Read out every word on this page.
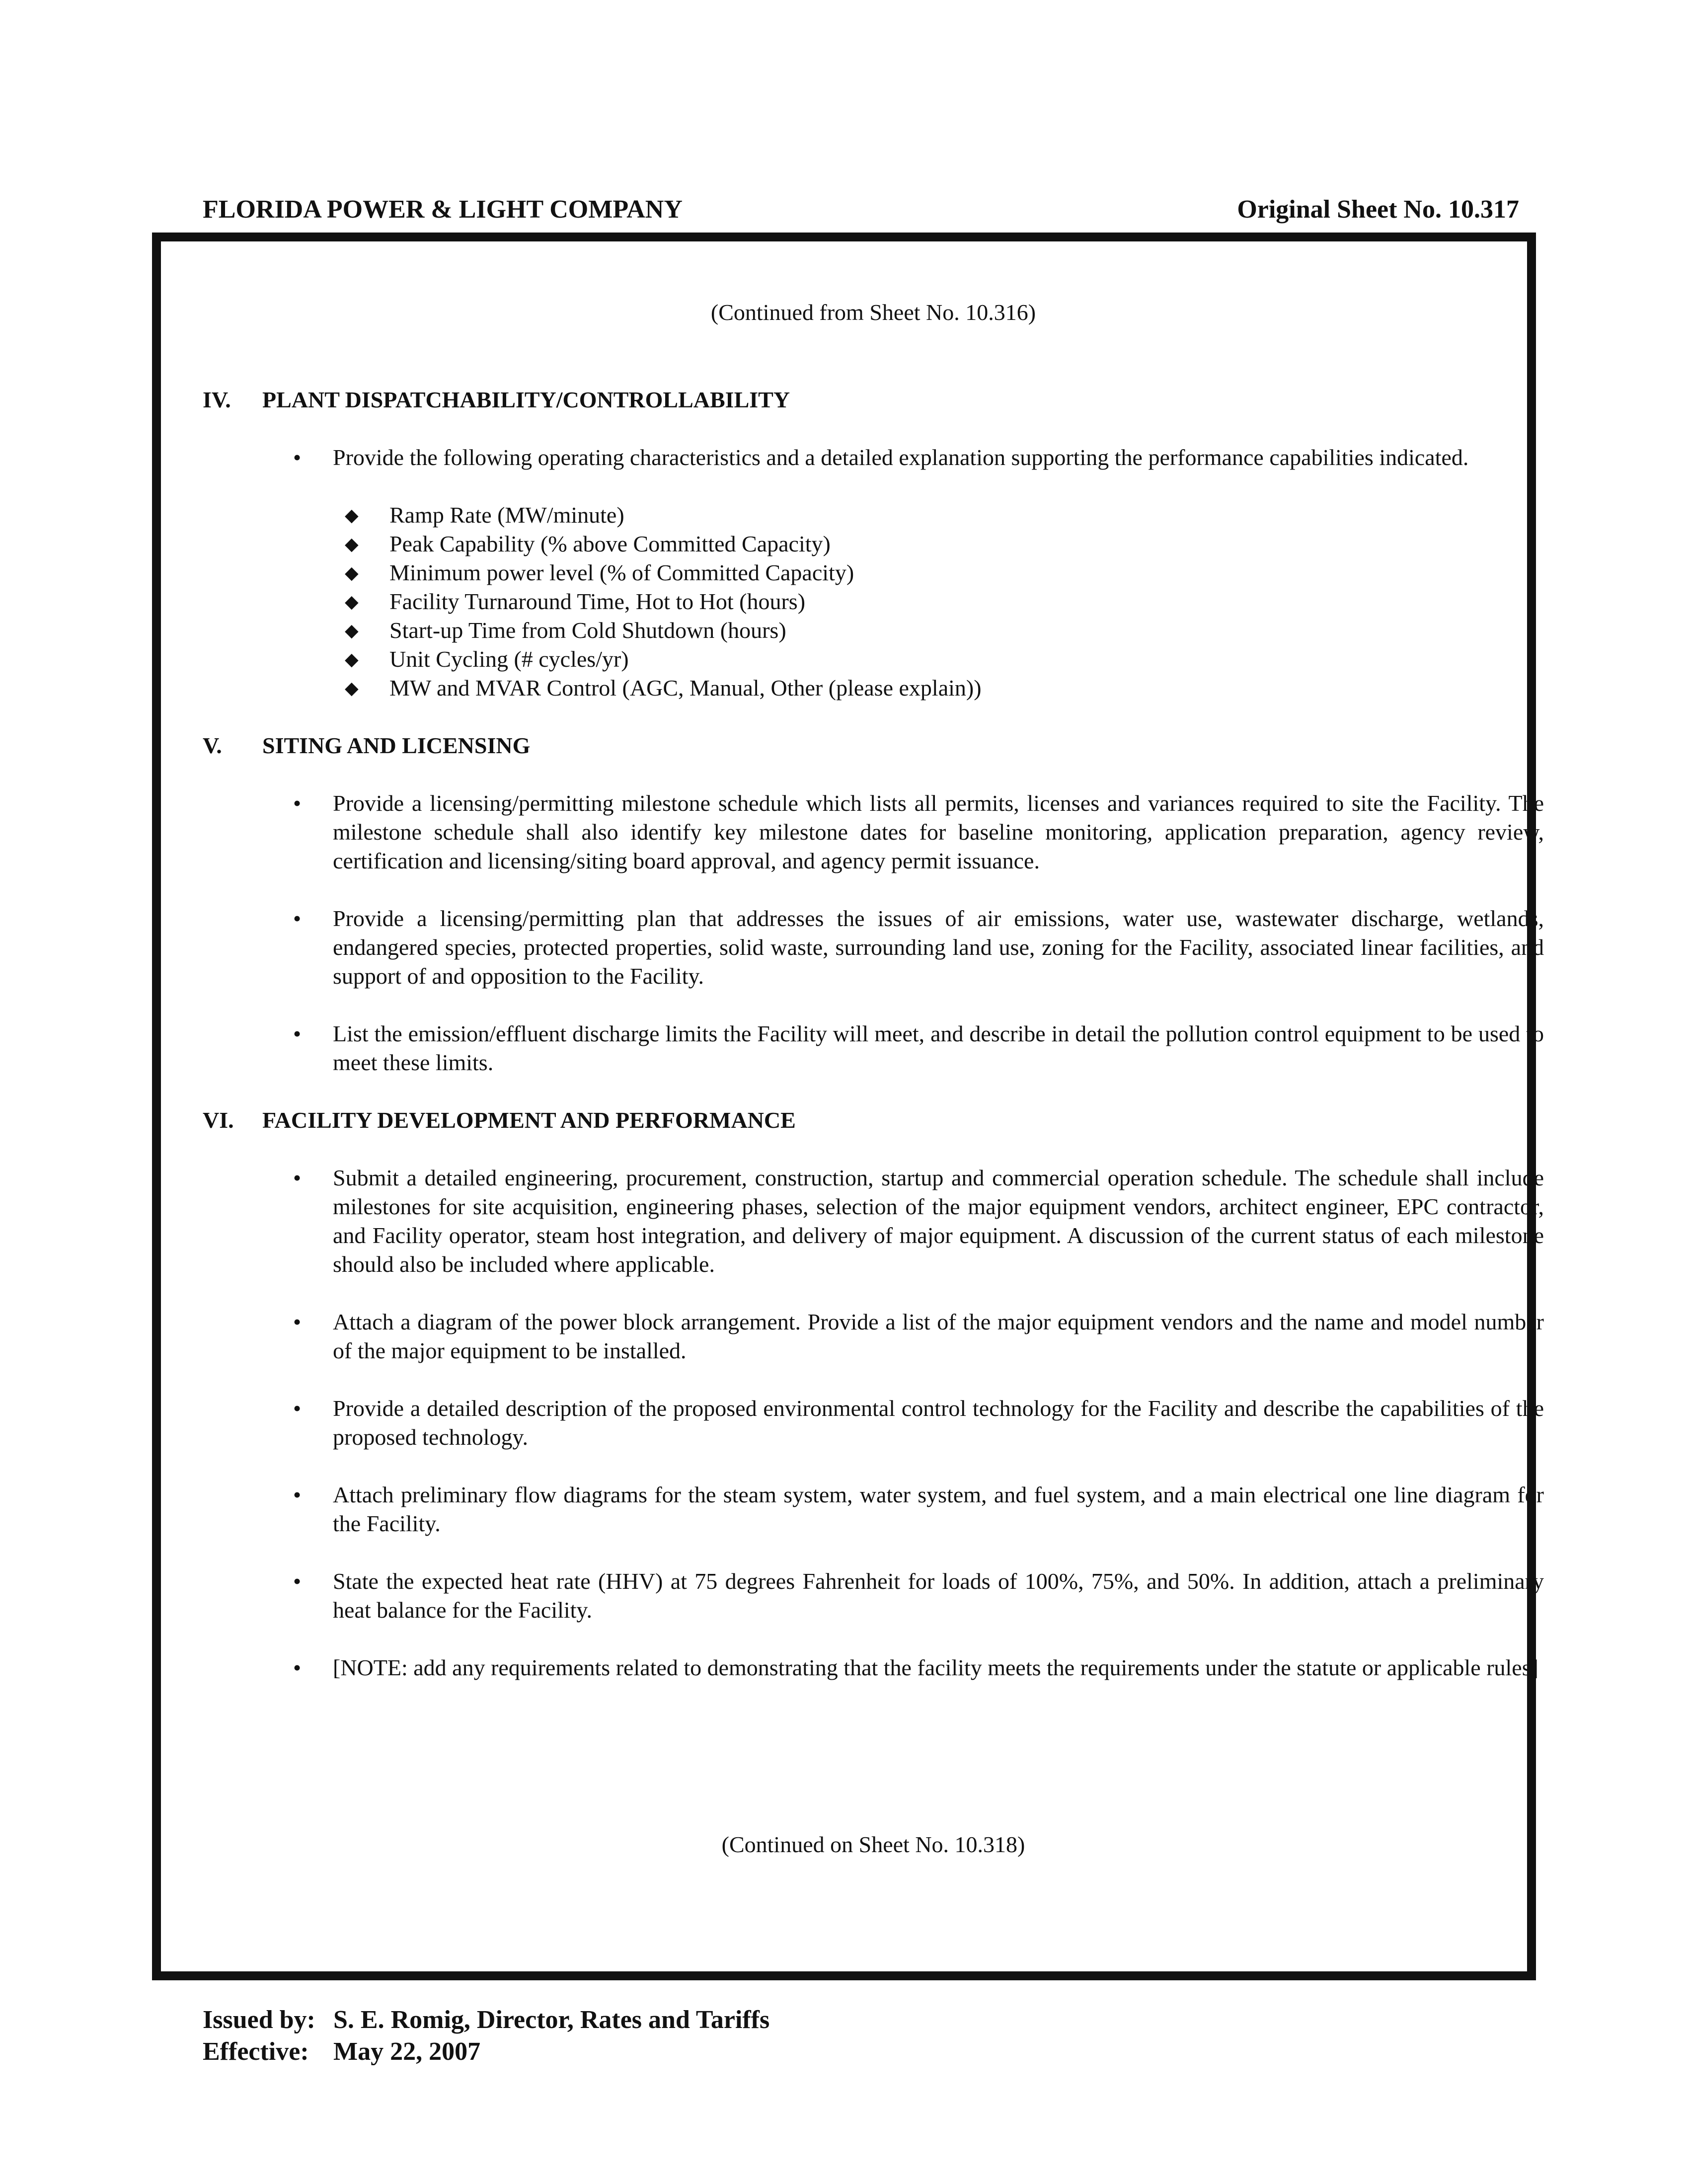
FLORIDA POWER & LIGHT COMPANY	Original Sheet No. 10.317
(Continued from Sheet No. 10.316)
IV.	PLANT DISPATCHABILITY/CONTROLLABILITY
• Provide the following operating characteristics and a detailed explanation supporting the performance capabilities indicated.
◆ Ramp Rate (MW/minute)
◆ Peak Capability (% above Committed Capacity)
◆ Minimum power level (% of Committed Capacity)
◆ Facility Turnaround Time, Hot to Hot (hours)
◆ Start-up Time from Cold Shutdown (hours)
◆ Unit Cycling (# cycles/yr)
◆ MW and MVAR Control (AGC, Manual, Other (please explain))
V.	SITING AND LICENSING
• Provide a licensing/permitting milestone schedule which lists all permits, licenses and variances required to site the Facility. The milestone schedule shall also identify key milestone dates for baseline monitoring, application preparation, agency review, certification and licensing/siting board approval, and agency permit issuance.
• Provide a licensing/permitting plan that addresses the issues of air emissions, water use, wastewater discharge, wetlands, endangered species, protected properties, solid waste, surrounding land use, zoning for the Facility, associated linear facilities, and support of and opposition to the Facility.
• List the emission/effluent discharge limits the Facility will meet, and describe in detail the pollution control equipment to be used to meet these limits.
VI.	FACILITY DEVELOPMENT AND PERFORMANCE
• Submit a detailed engineering, procurement, construction, startup and commercial operation schedule. The schedule shall include milestones for site acquisition, engineering phases, selection of the major equipment vendors, architect engineer, EPC contractor, and Facility operator, steam host integration, and delivery of major equipment. A discussion of the current status of each milestone should also be included where applicable.
• Attach a diagram of the power block arrangement. Provide a list of the major equipment vendors and the name and model number of the major equipment to be installed.
• Provide a detailed description of the proposed environmental control technology for the Facility and describe the capabilities of the proposed technology.
• Attach preliminary flow diagrams for the steam system, water system, and fuel system, and a main electrical one line diagram for the Facility.
• State the expected heat rate (HHV) at 75 degrees Fahrenheit for loads of 100%, 75%, and 50%. In addition, attach a preliminary heat balance for the Facility.
• [NOTE: add any requirements related to demonstrating that the facility meets the requirements under the statute or applicable rules]
(Continued on Sheet No. 10.318)
Issued by: S. E. Romig, Director, Rates and Tariffs
Effective: May 22, 2007
